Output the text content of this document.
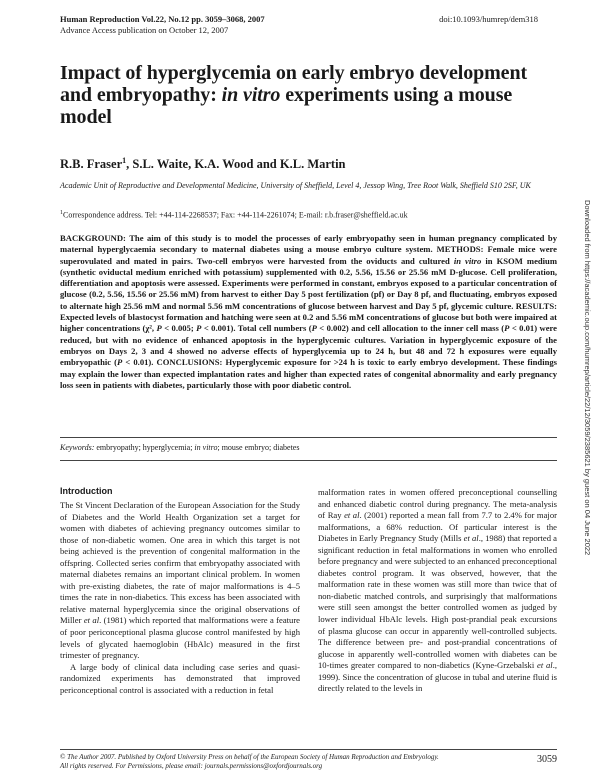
Human Reproduction Vol.22, No.12 pp. 3059–3068, 2007
Advance Access publication on October 12, 2007
doi:10.1093/humrep/dem318
Impact of hyperglycemia on early embryo development and embryopathy: in vitro experiments using a mouse model
R.B. Fraser$^1$, S.L. Waite, K.A. Wood and K.L. Martin
Academic Unit of Reproductive and Developmental Medicine, University of Sheffield, Level 4, Jessop Wing, Tree Root Walk, Sheffield S10 2SF, UK
$^1$Correspondence address. Tel: +44-114-2268537; Fax: +44-114-2261074; E-mail: r.b.fraser@sheffield.ac.uk

BACKGROUND: The aim of this study is to model the processes of early embryopathy seen in human pregnancy complicated by maternal hyperglycaemia secondary to maternal diabetes using a mouse embryo culture system. METHODS: Female mice were superovulated and mated in pairs. Two-cell embryos were harvested from the oviducts and cultured in vitro in KSOM medium (synthetic oviductal medium enriched with potassium) supplemented with 0.2, 5.56, 15.56 or 25.56 mM D-glucose. Cell proliferation, differentiation and apoptosis were assessed. Experiments were performed in constant, embryos exposed to a particular concentration of glucose (0.2, 5.56, 15.56 or 25.56 mM) from harvest to either Day 5 post fertilization (pf) or Day 8 pf, and fluctuating, embryos exposed to alternate high 25.56 mM and normal 5.56 mM concentrations of glucose between harvest and Day 5 pf, glycemic culture. RESULTS: Expected levels of blastocyst formation and hatching were seen at 0.2 and 5.56 mM concentrations of glucose but both were impaired at higher concentrations (χ², P < 0.005; P < 0.001). Total cell numbers (P < 0.002) and cell allocation to the inner cell mass (P < 0.01) were reduced, but with no evidence of enhanced apoptosis in the hyperglycemic cultures. Variation in hyperglycemic exposure of the embryos on Days 2, 3 and 4 showed no adverse effects of hyperglycemia up to 24 h, but 48 and 72 h exposures were equally embryopathic (P < 0.01). CONCLUSIONS: Hyperglycemic exposure for >24 h is toxic to early embryo development. These findings may explain the lower than expected implantation rates and higher than expected rates of congenital abnormality and early pregnancy loss seen in patients with diabetes, particularly those with poor diabetic control.

Keywords: embryopathy; hyperglycemia; in vitro; mouse embryo; diabetes
Introduction

The St Vincent Declaration of the European Association for the Study of Diabetes and the World Health Organization set a target for women with diabetes of achieving pregnancy outcomes similar to those of non-diabetic women. One area in which this target is not being achieved is the prevention of congenital malformation in the offspring. Collected series confirm that embryopathy associated with maternal diabetes remains an important clinical problem. In women with pre-existing diabetes, the rate of major malformations is 4–5 times the rate in non-diabetics. This excess has been associated with relative maternal hyperglycemia since the original observations of Miller et al. (1981) which reported that malformations were a feature of poor periconceptional plasma glucose control manifested by high levels of glycated haemoglobin (HbAlc) measured in the first trimester of pregnancy.

A large body of clinical data including case series and quasi-randomized experiments has demonstrated that improved periconceptional control is associated with a reduction in fetal

malformation rates in women offered preconceptional counselling and enhanced diabetic control during pregnancy. The meta-analysis of Ray et al. (2001) reported a mean fall from 7.7 to 2.4% for major malformations, a 68% reduction. Of particular interest is the Diabetes in Early Pregnancy Study (Mills et al., 1988) that reported a significant reduction in fetal malformations in women who enrolled before pregnancy and were subjected to an enhanced preconceptional diabetes control program. It was observed, however, that the malformation rate in these women was still more than twice that of non-diabetic matched controls, and surprisingly that malformations were still seen amongst the better controlled women as judged by lower individual HbAlc levels. High post-prandial peak excursions of plasma glucose can occur in apparently well-controlled subjects. The difference between pre- and post-prandial concentrations of glucose in apparently well-controlled women with diabetes can be 10-times greater compared to non-diabetics (Kyne-Grzebalski et al., 1999). Since the concentration of glucose in tubal and uterine fluid is directly related to the levels in

© The Author 2007. Published by Oxford University Press on behalf of the European Society of Human Reproduction and Embryology.
All rights reserved. For Permissions, please email: journals.permissions@oxfordjournals.org
3059
Downloaded from https://academic.oup.com/humrep/article/22/12/3059/2385621 by guest on 04 June 2022
